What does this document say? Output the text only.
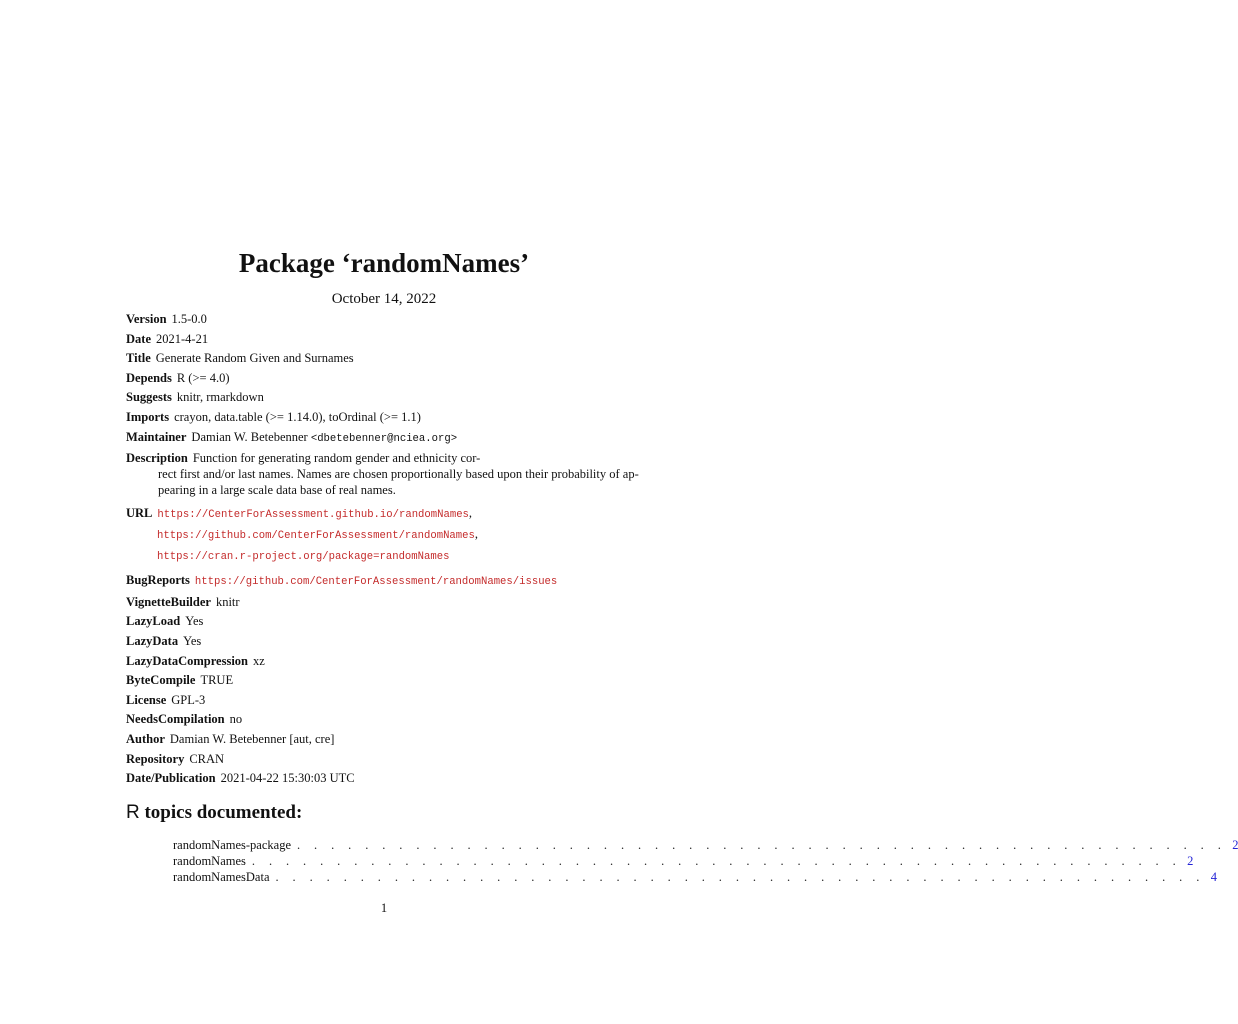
Package ‘randomNames’
October 14, 2022
Version 1.5-0.0
Date 2021-4-21
Title Generate Random Given and Surnames
Depends R (>= 4.0)
Suggests knitr, rmarkdown
Imports crayon, data.table (>= 1.14.0), toOrdinal (>= 1.1)
Maintainer Damian W. Betebenner <dbetebenner@nciea.org>
Description Function for generating random gender and ethnicity cor-
rect first and/or last names. Names are chosen proportionally based upon their probability of ap-
pearing in a large scale data base of real names.
URL https://CenterForAssessment.github.io/randomNames,
https://github.com/CenterForAssessment/randomNames,
https://cran.r-project.org/package=randomNames
BugReports https://github.com/CenterForAssessment/randomNames/issues
VignetteBuilder knitr
LazyLoad Yes
LazyData Yes
LazyDataCompression xz
ByteCompile TRUE
License GPL-3
NeedsCompilation no
Author Damian W. Betebenner [aut, cre]
Repository CRAN
Date/Publication 2021-04-22 15:30:03 UTC
R topics documented:
randomNames-package . . . . . . . . . . . . . . . . . . . . . . . . . . . . . . . . . . . . . . . . . . . . . . . . . . . . . . . 2
randomNames . . . . . . . . . . . . . . . . . . . . . . . . . . . . . . . . . . . . . . . . . . . . . . . . . . . . . . . 2
randomNamesData . . . . . . . . . . . . . . . . . . . . . . . . . . . . . . . . . . . . . . . . . . . . . . . . . . . . . . . 4
1
